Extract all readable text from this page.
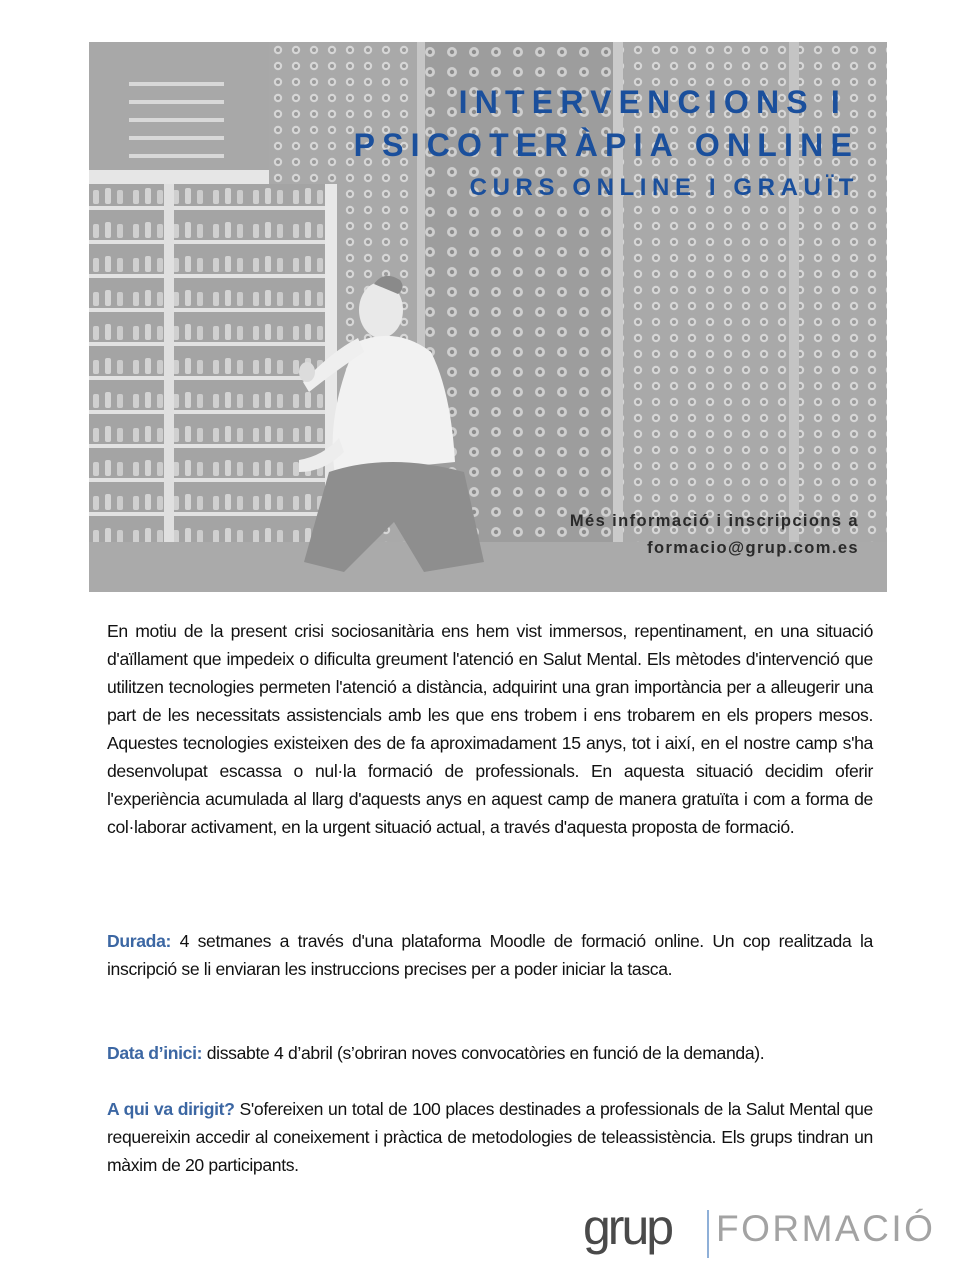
INTERVENCIONS I
PSICOTERÀPIA ONLINE
CURS ONLINE I GRAUÏT
Més informació i inscripcions a
formacio@grup.com.es

En motiu de la present crisi sociosanitària ens hem vist immersos, repentinament, en una situació d'aïllament que impedeix o dificulta greument l'atenció en Salut Mental. Els mètodes d'intervenció que utilitzen tecnologies permeten l'atenció a distància, adquirint una gran importància per a alleugerir una part de les necessitats assistencials amb les que ens trobem i ens trobarem en els propers mesos. Aquestes tecnologies existeixen des de fa aproximadament 15 anys, tot i així, en el nostre camp s'ha desenvolupat escassa o nul·la formació de professionals. En aquesta situació decidim oferir l'experiència acumulada al llarg d'aquests anys en aquest camp de manera gratuïta i com a forma de col·laborar activament, en la urgent situació actual, a través d'aquesta proposta de formació.

Durada: 4 setmanes a través d'una plataforma Moodle de formació online. Un cop realitzada la inscripció se li enviaran les instruccions precises per a poder iniciar la tasca.

Data d’inici: dissabte 4 d’abril (s’obriran noves convocatòries en funció de la demanda).

A qui va dirigit? S'ofereixen un total de 100 places destinades a professionals de la Salut Mental que requereixin accedir al coneixement i pràctica de metodologies de teleassistència. Els grups tindran un màxim de 20 participants.

grup FORMACIÓ
